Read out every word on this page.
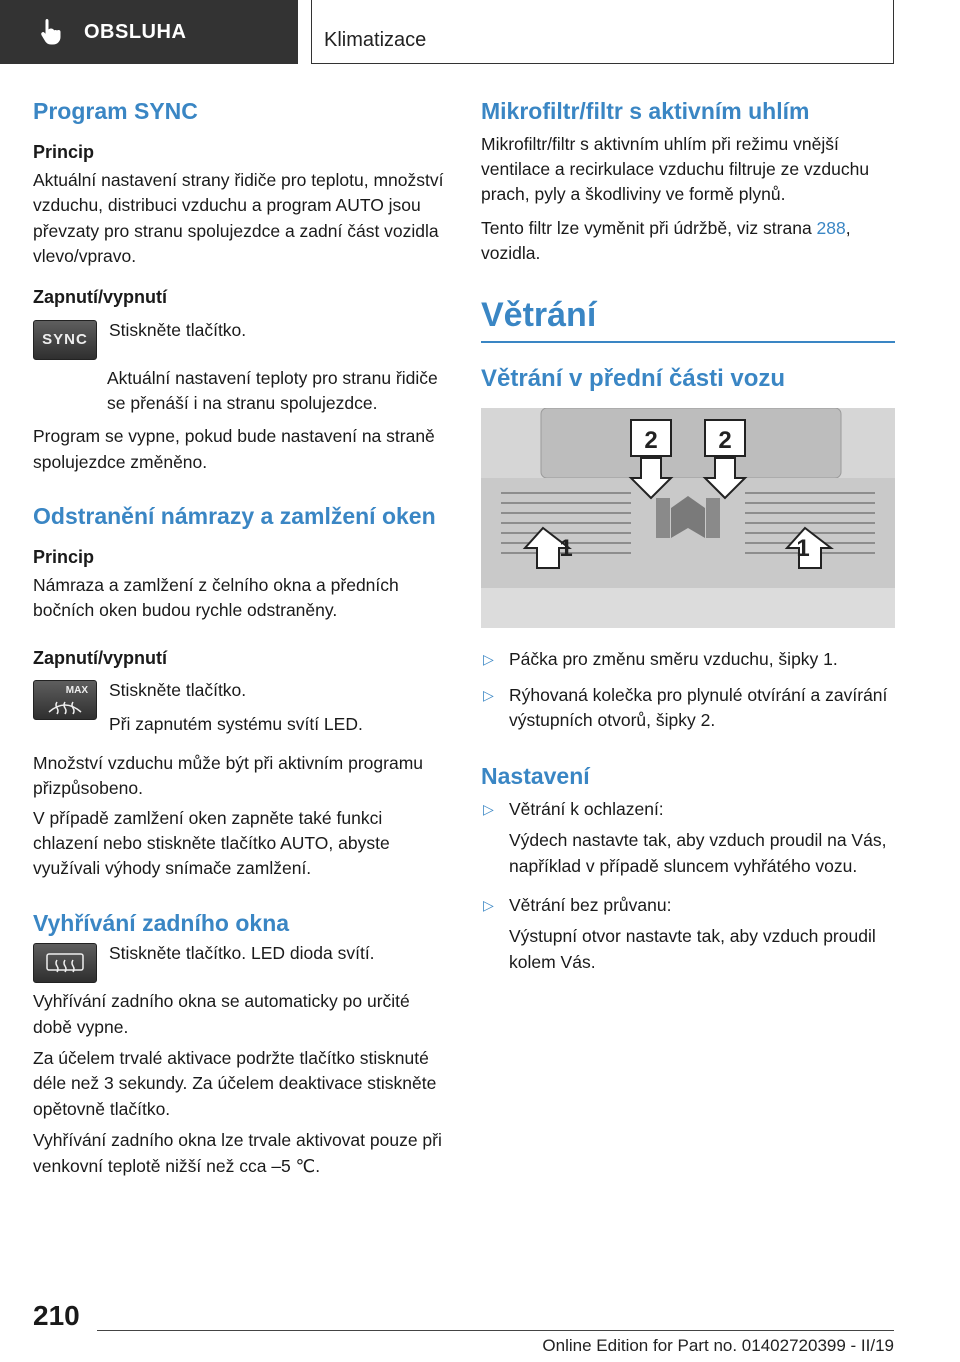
OBSLUHA	Klimatizace
Program SYNC
Princip

Aktuální nastavení strany řidiče pro teplotu, množství vzduchu, distribuci vzduchu a program AUTO jsou převzaty pro stranu spolujezdce a zadní část vozidla vlevo/vpravo.

Zapnutí/vypnutí
SYNC Stiskněte tlačítko.

Aktuální nastavení teploty pro stranu řidiče se přenáší i na stranu spolujezdce.

Program se vypne, pokud bude nastavení na straně spolujezdce změněno.

Odstranění námrazy a zamlžení oken
Princip

Námraza a zamlžení z čelního okna a předních bočních oken budou rychle odstraněny.

Zapnutí/vypnutí
MAX Stiskněte tlačítko.

Při zapnutém systému svítí LED.

Množství vzduchu může být při aktivním programu přizpůsobeno.

V případě zamlžení oken zapněte také funkci chlazení nebo stiskněte tlačítko AUTO, abyste využívali výhody snímače zamlžení.

Vyhřívání zadního okna

Stiskněte tlačítko. LED dioda svítí.

Vyhřívání zadního okna se automaticky po určité době vypne.

Za účelem trvalé aktivace podržte tlačítko stisknuté déle než 3 sekundy. Za účelem deaktivace stiskněte opětovně tlačítko.

Vyhřívání zadního okna lze trvale aktivovat pouze při venkovní teplotě nižší než cca –5 ℃.

Mikrofiltr/filtr s aktivním uhlím

Mikrofiltr/filtr s aktivním uhlím při režimu vnější ventilace a recirkulace vzduchu filtruje ze vzduchu prach, pyly a škodliviny ve formě plynů.

Tento filtr lze vyměnit při údržbě, viz strana 288, vozidla.

Větrání
Větrání v přední části vozu
2	2
1	1
▷ Páčka pro změnu směru vzduchu, šipky 1.
▷ Rýhovaná kolečka pro plynulé otvírání a zavírání výstupních otvorů, šipky 2.
Nastavení
▷ Větrání k ochlazení:

Výdech nastavte tak, aby vzduch proudil na Vás, například v případě sluncem vyhřátého vozu.

▷ Větrání bez průvanu:

Výstupní otvor nastavte tak, aby vzduch proudil kolem Vás.

210
Online Edition for Part no. 01402720399 - II/19
